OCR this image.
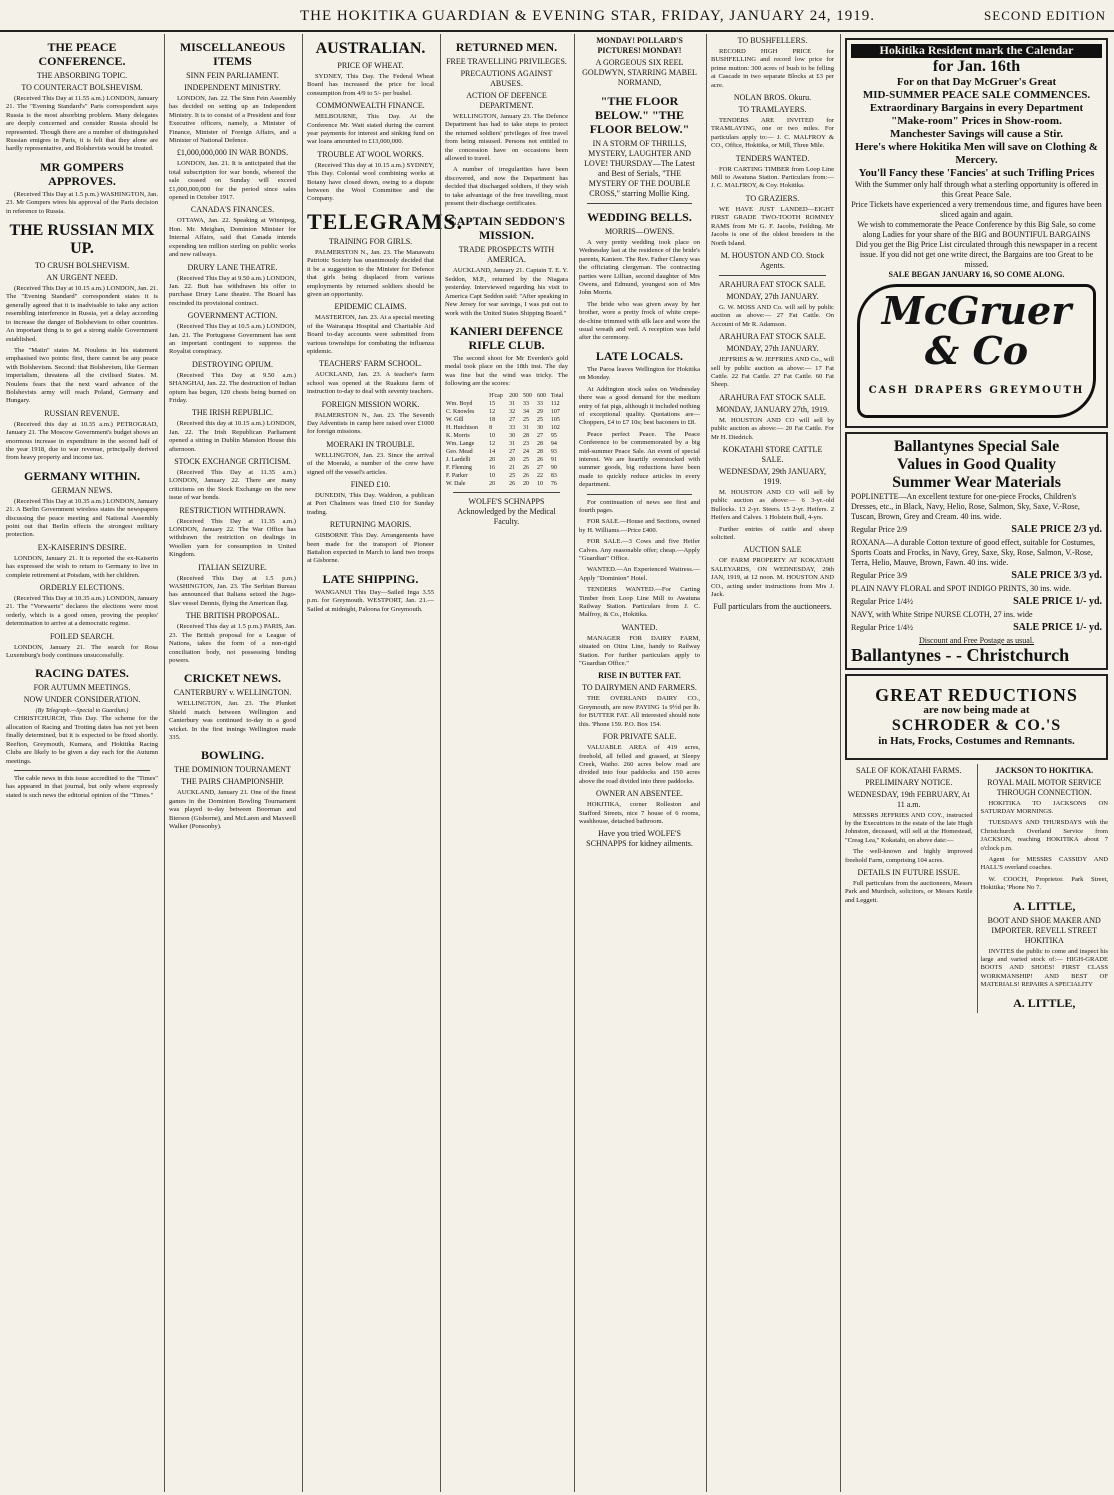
THE HOKITIKA GUARDIAN & EVENING STAR, FRIDAY, JANUARY 24, 1919.	SECOND EDITION
THE PEACE CONFERENCE.
THE ABSORBING TOPIC.
TO COUNTERACT BOLSHEVISM.

(Received This Day at 11.55 a.m.) LONDON, January 21. The "Evening Standard's" Paris correspondent says Russia is the most absorbing problem. Many delegates are deeply concerned and consider Russia should be represented. Though there are a number of distinguished Russian emigres in Paris, it is felt that they alone are hardly representative, and Bolshevists would be treated.

MR GOMPERS APPROVES.

(Received This Day at 1.5 p.m.) WASHINGTON, Jan. 23. Mr Gompers wires his approval of the Paris decision in reference to Russia.

THE RUSSIAN MIX UP.
TO CRUSH BOLSHEVISM.
AN URGENT NEED.

(Received This Day at 10.15 a.m.) LONDON, Jan. 21. The "Evening Standard" correspondent states it is generally agreed that it is inadvisable to take any action resembling interference in Russia, yet a delay according to increase the danger of Bolshevism to other countries. An important thing is to get a strong stable Government established.

The "Matin" states M. Noulens in his statement emphasised two points: first, there cannot be any peace with Bolshevism. Second: that Bolshevism, like German imperialism, threatens all the civilised States. M. Noulens fears that the next ward advance of the Bolshevists army will reach Poland, Germany and Hungary.

RUSSIAN REVENUE.

(Received this day at 10.35 a.m.) PETROGRAD, January 21. The Moscow Government's budget shows an enormous increase in expenditure in the second half of the year 1918, due to war revenue, principally derived from heavy property and income tax.

GERMANY WITHIN.
GERMAN NEWS.

(Received This Day at 10.35 a.m.) LONDON, January 21. A Berlin Government wireless states the newspapers discussing the peace meeting and National Assembly point out that Berlin effects the strongest military protection.

EX-KAISERIN'S DESIRE.

LONDON, January 21. It is reported the ex-Kaiserin has expressed the wish to return to Germany to live in complete retirement at Potsdam, with her children.

ORDERLY ELECTIONS.

(Received This Day at 10.35 a.m.) LONDON, January 21. The "Vorwaerts" declares the elections were most orderly, which is a good omen, proving the peoples' determination to arrive at a democratic regime.

FOILED SEARCH.

LONDON, January 21. The search for Rosa Luxemburg's body continues unsuccessfully.

RACING DATES.
FOR AUTUMN MEETINGS.
NOW UNDER CONSIDERATION.
(By Telegraph.—Special to Guardian.)

CHRISTCHURCH, This Day. The scheme for the allocation of Racing and Trotting dates has not yet been finally determined, but it is expected to be fixed shortly. Reefton, Greymouth, Kumara, and Hokitika Racing Clubs are likely to be given a day each for the Autumn meetings.

The cable news in this issue accredited to the "Times" has appeared in that journal, but only where expressly stated is such news the editorial opinion of the "Times."

MISCELLANEOUS ITEMS
SINN FEIN PARLIAMENT.
INDEPENDENT MINISTRY.

LONDON, Jan. 22. The Sinn Fein Assembly has decided on setting up an Independent Ministry. It is to consist of a President and four Executive officers, namely, a Minister of Finance, Minister of Foreign Affairs, and a Minister of National Defence.

£1,000,000,000 IN WAR BONDS.

LONDON, Jan. 21. It is anticipated that the total subscription for war bonds, whereof the sale ceased on Sunday will exceed £1,000,000,000 for the period since sales opened in October 1917.

CANADA'S FINANCES.

OTTAWA, Jan. 22. Speaking at Winnipeg, Hon. Mr. Meighan, Dominion Minister for Internal Affairs, said that Canada intends expending ten million sterling on public works and new railways.

DRURY LANE THEATRE.

(Received This Day at 9.50 a.m.) LONDON, Jan. 22. Butt has withdrawn his offer to purchase Drury Lane theatre. The Board has rescinded its provisional contract.

GOVERNMENT ACTION.

(Received This Day at 10.5 a.m.) LONDON, Jan. 21. The Portuguese Government has sent an important contingent to suppress the Royalist conspiracy.

DESTROYING OPIUM.

(Received This Day at 9.50 a.m.) SHANGHAI, Jan. 22. The destruction of Indian opium has begun, 120 chests being burned on Friday.

THE IRISH REPUBLIC.

(Received this day at 10.15 a.m.) LONDON, Jan. 22. The Irish Republican Parliament opened a sitting in Dublin Mansion House this afternoon.

STOCK EXCHANGE CRITICISM.

(Received This Day at 11.35 a.m.) LONDON, January 22. There are many criticisms on the Stock Exchange on the new issue of war bonds.

RESTRICTION WITHDRAWN.

(Received This Day at 11.35 a.m.) LONDON, January 22. The War Office has withdrawn the restriction on dealings in Woollen yarn for consumption in United Kingdom.

ITALIAN SEIZURE.

(Received This Day at 1.5 p.m.) WASHINGTON, Jan. 23. The Serbian Bureau has announced that Italians seized the Jugo-Slav vessel Dennis, flying the American flag.

THE BRITISH PROPOSAL.

(Received This day at 1.5 p.m.) PARIS, Jan. 23. The British proposal for a League of Nations, takes the form of a non-rigid conciliation body, not possessing binding powers.

CRICKET NEWS.
CANTERBURY v. WELLINGTON.

WELLINGTON, Jan. 23. The Plunket Shield match between Wellington and Canterbury was continued to-day in a good wicket. In the first innings Wellington made 335.

BOWLING.
THE DOMINION TOURNAMENT
THE PAIRS CHAMPIONSHIP.

AUCKLAND, January 21. One of the finest games in the Dominion Bowling Tournament was played to-day between Boorman and Bierson (Gisborne), and McLaren and Maxwell Walker (Ponsonby).

AUSTRALIAN.
PRICE OF WHEAT.

SYDNEY, This Day. The Federal Wheat Board has increased the price for local consumption from 4/9 to 5/- per bushel.

COMMONWEALTH FINANCE.

MELBOURNE, This Day. At the Conference Mr. Watt stated during the current year payments for interest and sinking fund on war loans amounted to £13,000,000.

TROUBLE AT WOOL WORKS.

(Received This day at 10.15 a.m.) SYDNEY, This Day. Colonial wool combining works at Botany have closed down, owing to a dispute between the Wool Committee and the Company.

TELEGRAMS.
TRAINING FOR GIRLS.

PALMERSTON N., Jan. 23. The Manawatu Patriotic Society has unanimously decided that it be a suggestion to the Minister for Defence that girls being displaced from various employments by returned soldiers should be given an opportunity.

EPIDEMIC CLAIMS.

MASTERTON, Jan. 23. At a special meeting of the Wairarapa Hospital and Charitable Aid Board to-day accounts were submitted from various townships for combating the influenza epidemic.

TEACHERS' FARM SCHOOL.

AUCKLAND, Jan. 23. A teacher's farm school was opened at the Ruakura farm of instruction to-day to deal with seventy teachers.

FOREIGN MISSION WORK.

PALMERSTON N., Jan. 23. The Seventh Day Adventists in camp here raised over £1000 for foreign missions.

MOERAKI IN TROUBLE.

WELLINGTON, Jan. 23. Since the arrival of the Moeraki, a number of the crew have signed off the vessel's articles.

FINED £10.

DUNEDIN, This Day. Waldron, a publican at Port Chalmers was fined £10 for Sunday trading.

RETURNING MAORIS.

GISBORNE This Day. Arrangements have been made for the transport of Pioneer Battalion expected in March to land two troops at Gisborne.

LATE SHIPPING.

WANGANUI This Day—Sailed Inga 3.55 p.m. for Greymouth. WESTPORT, Jan. 21.—Sailed at midnight, Paloona for Greymouth.

RETURNED MEN.
FREE TRAVELLING PRIVILEGES.
PRECAUTIONS AGAINST ABUSES.
ACTION OF DEFENCE DEPARTMENT.

WELLINGTON, January 23. The Defence Department has had to take steps to protect the returned soldiers' privileges of free travel from being misused. Persons not entitled to the concession have on occasions been allowed to travel.

A number of irregularities have been discovered, and now the Department has decided that discharged soldiers, if they wish to take advantage of the free travelling, must present their discharge certificates.

CAPTAIN SEDDON'S MISSION.
TRADE PROSPECTS WITH AMERICA.

AUCKLAND, January 21. Captain T. E. Y. Seddon, M.P., returned by the Niagara yesterday. Interviewed regarding his visit to America Capt Seddon said: "After speaking in New Jersey for war savings, I was put out to work with the United States Shipping Board."

KANIERI DEFENCE RIFLE CLUB.

The second shoot for Mr Everden's gold medal took place on the 18th inst. The day was fine but the wind was tricky. The following are the scores:

	H'cap	200	500	600	Total
Wm. Boyd	15	31	33	33	112
C. Knowles	12	32	34	29	107
W. Gill	18	27	25	25	105
H. Hutchison	8	33	31	30	102
K. Morris	10	30	28	27	95
Wm. Lange	12	31	23	28	94
Geo. Mead	14	27	24	28	93
J. Lardelli	20	20	25	26	91
F. Fleming	16	21	26	27	90
F. Parker	10	25	26	22	83
W. Dale	20	26	20	10	76
WOLFE'S SCHNAPPS Acknowledged by the Medical Faculty.
MONDAY! POLLARD'S PICTURES! MONDAY!
A GORGEOUS SIX REEL GOLDWYN, STARRING MABEL NORMAND,
"THE FLOOR BELOW." "THE FLOOR BELOW."
IN A STORM OF THRILLS, MYSTERY, LAUGHTER AND LOVE! THURSDAY—The Latest and Best of Serials, "THE MYSTERY OF THE DOUBLE CROSS," starring Mollie King.
WEDDING BELLS.
MORRIS—OWENS.

A very pretty wedding took place on Wednesday last at the residence of the bride's parents, Kaniere. The Rev. Father Clancy was the officiating clergyman. The contracting parties were Lillian, second daughter of Mrs Owens, and Edmund, youngest son of Mrs John Morris.

The bride who was given away by her brother, wore a pretty frock of white crepe-de-chine trimmed with silk lace and wore the usual wreath and veil. A reception was held after the ceremony.

LATE LOCALS.

The Paroa leaves Wellington for Hokitika on Monday.

At Addington stock sales on Wednesday there was a good demand for the medium entry of fat pigs, although it included nothing of exceptional quality. Quotations are—Choppers, £4 to £7 10s; best baconers to £8.

Peace perfect Peace. The Peace Conference to be commemorated by a big mid-summer Peace Sale. An event of special interest. We are heartily overstocked with summer goods, big reductions have been made to quickly reduce articles in every department.

For continuation of news see first and fourth pages.

FOR SALE.—House and Sections, owned by H. Williams.—Price £400.

FOR SALE.—3 Cows and five Heifer Calves. Any reasonable offer; cheap.—Apply "Guardian" Office.

WANTED.—An Experienced Waitress.—Apply "Dominion" Hotel.

TENDERS WANTED.—For Carting Timber from Loop Line Mill to Awatuna Railway Station. Particulars from J. C. Malfroy, & Co., Hokitika.

WANTED.

MANAGER FOR DAIRY FARM, situated on Otira Line, handy to Railway Station. For further particulars apply to "Guardian Office."

RISE IN BUTTER FAT.
TO DAIRYMEN AND FARMERS.

THE OVERLAND DAIRY CO., Greymouth, are now PAYING 1s 9½d per lb. for BUTTER FAT. All interested should note this. 'Phone 159. P.O. Box 154.

FOR PRIVATE SALE.

VALUABLE AREA of 419 acres, freehold, all felled and grassed, at Sleepy Creek, Waiho. 260 acres below road are divided into four paddocks and 150 acres above the road divided into three paddocks.

OWNER AN ABSENTEE.

HOKITIKA, corner Rolleston and Stafford Streets, nice 7 house of 6 rooms, washhouse, detached bathroom.

Have you tried WOLFE'S SCHNAPPS for kidney ailments.
TO BUSHFELLERS.

RECORD HIGH PRICE for BUSHFELLING and record low price for prime mutton: 300 acres of bush to be felling at Cascade in two separate Blocks at £3 per acre.

NOLAN BROS. Okuru.
TO TRAMLAYERS.

TENDERS ARE INVITED for TRAMLAYING, one or two miles. For particulars apply to:— J. C. MALFROY & CO., Office, Hokitika, or Mill, Three Mile.

TENDERS WANTED.

FOR CARTING TIMBER from Loop Line Mill to Awatuna Station. Particulars from:— J. C. MALFROY, & Coy. Hokitika.

TO GRAZIERS.

WE HAVE JUST LANDED—EIGHT FIRST GRADE TWO-TOOTH ROMNEY RAMS from Mr G. F. Jacobs, Feilding. Mr Jacobs is one of the oldest breeders in the North Island.

M. HOUSTON AND CO. Stock Agents.
ARAHURA FAT STOCK SALE.
MONDAY, 27th JANUARY.

G. W. MOSS AND Co. will sell by public auction as above:— 27 Fat Cattle. On Account of Mr R. Adamson.

ARAHURA FAT STOCK SALE.
MONDAY, 27th JANUARY.

JEFFRIES & W. JEFFRIES AND Co., will sell by public auction as above:— 17 Fat Cattle. 22 Fat Cattle. 27 Fat Cattle. 60 Fat Sheep.

ARAHURA FAT STOCK SALE.
MONDAY, JANUARY 27th, 1919.

M. HOUSTON AND CO will sell by public auction as above:— 20 Fat Cattle. For Mr H. Diedrich.

KOKATAHI STORE CATTLE SALE.
WEDNESDAY, 29th JANUARY, 1919.

M. HOUSTON AND CO will sell by public auction as above:— 6 3-yr.-old Bullocks. 13 2-yr. Steers. 15 2-yr. Heifers. 2 Heifers and Calves. 1 Holstein Bull, 4-yrs.

Further entries of cattle and sheep solicited.

AUCTION SALE

OF FARM PROPERTY AT KOKATAHI SALEYARDS, ON WEDNESDAY, 29th JAN, 1919, at 12 noon. M. HOUSTON AND CO., acting under instructions from Mrs J. Jack.

Full particulars from the auctioneers.
Hokitika Resident mark the Calendar
for Jan. 16th
For on that Day McGruer's Great
MID-SUMMER PEACE SALE COMMENCES.
Extraordinary Bargains in every Department
"Make-room" Prices in Show-room.
Manchester Savings will cause a Stir.
Here's where Hokitika Men will save on Clothing & Mercery.
You'll Fancy these 'Fancies' at such Trifling Prices
With the Summer only half through what a sterling opportunity is offered in this Great Peace Sale.
Price Tickets have experienced a very tremendous time, and figures have been sliced again and again.
We wish to commemorate the Peace Conference by this Big Sale, so come along Ladies for your share of the BIG and BOUNTIFUL BARGAINS
Did you get the Big Price List circulated through this newspaper in a recent issue. If you did not get one write direct, the Bargains are too Great to be missed.
SALE BEGAN JANUARY 16, SO COME ALONG.
McGruer & Co
CASH DRAPERS GREYMOUTH
Ballantynes Special Sale
Values in Good Quality
Summer Wear Materials
POPLINETTE—An excellent texture for one-piece Frocks, Children's Dresses, etc., in Black, Navy, Helio, Rose, Salmon, Sky, Saxe, V.-Rose, Tuscan, Brown, Grey and Cream. 40 ins. wide.
Regular Price 2/9	SALE PRICE 2/3 yd.
ROXANA—A durable Cotton texture of good effect, suitable for Costumes, Sports Coats and Frocks, in Navy, Grey, Saxe, Sky, Rose, Salmon, V.-Rose, Terra, Helio, Mauve, Brown, Fawn. 40 ins. wide.
Regular Price 3/9	SALE PRICE 3/3 yd.
PLAIN NAVY FLORAL and SPOT INDIGO PRINTS, 30 ins. wide.
Regular Price 1/4½	SALE PRICE 1/- yd.
NAVY, with White Stripe NURSE CLOTH, 27 ins. wide
Regular Price 1/4½	SALE PRICE 1/- yd.
Discount and Free Postage as usual.
Ballantynes - - Christchurch
GREAT REDUCTIONS
are now being made at
SCHRODER & CO.'S
in Hats, Frocks, Costumes and Remnants.
SALE OF KOKATAHI FARMS.
PRELIMINARY NOTICE.
WEDNESDAY, 19th FEBRUARY, At 11 a.m.

MESSRS JEFFRIES AND COY., instructed by the Executrices in the estate of the late Hugh Johnston, deceased, will sell at the Homestead, "Creag Lea," Kokatahi, on above date:—

The well-known and highly improved freehold Farm, comprising 104 acres.

DETAILS IN FUTURE ISSUE.

Full particulars from the auctioneers, Messrs Park and Murdoch, solicitors, or Messrs Kettle and Leggett.

JACKSON TO HOKITIKA.
ROYAL MAIL MOTOR SERVICE THROUGH CONNECTION.

HOKITIKA TO JACKSONS ON SATURDAY MORNINGS.

TUESDAYS AND THURSDAYS with the Christchurch Overland Service from JACKSON, reaching HOKITIKA about 7 o'clock p.m.

Agent for MESSRS CASSIDY AND HALL'S overland coaches.

W. COOCH, Proprietor. Park Street, Hokitika; 'Phone No 7.

A. LITTLE,
BOOT AND SHOE MAKER AND IMPORTER. REVELL STREET HOKITIKA

INVITES the public to come and inspect his large and varied stock of:— HIGH-GRADE BOOTS AND SHOES! FIRST CLASS WORKMANSHIP! AND BEST OF MATERIALS! REPAIRS A SPECIALITY

A. LITTLE,
